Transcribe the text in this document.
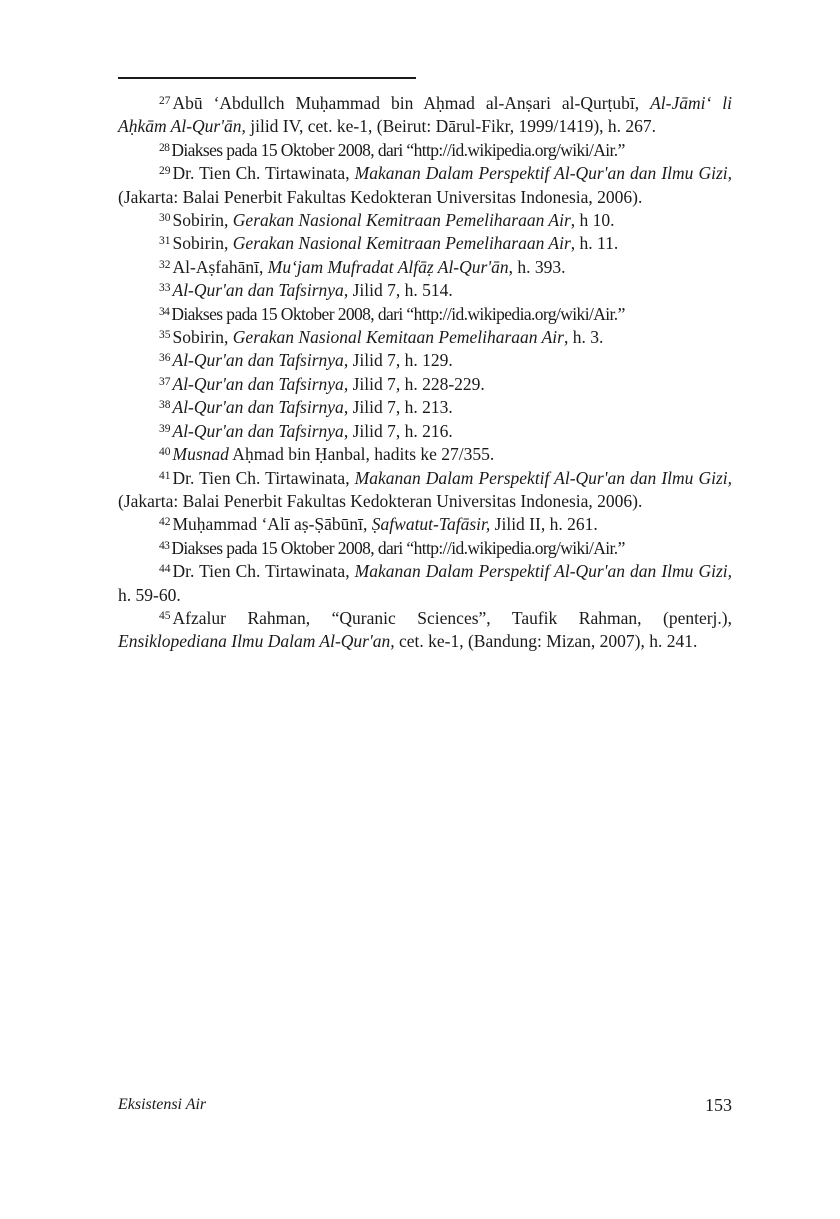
$^{27}$ Abū ‘Abdullch Muḥammad bin Aḥmad al-Anṣari al-Qurṭubī, Al-Jāmi‘ li Aḥkām Al-Qur'ān, jilid IV, cet. ke-1, (Beirut: Dārul-Fikr, 1999/1419), h. 267.

$^{28}$ Diakses pada 15 Oktober 2008, dari “http://id.wikipedia.org/wiki/Air.”

$^{29}$ Dr. Tien Ch. Tirtawinata, Makanan Dalam Perspektif Al-Qur'an dan Ilmu Gizi, (Jakarta: Balai Penerbit Fakultas Kedokteran Universitas Indonesia, 2006).

$^{30}$ Sobirin, Gerakan Nasional Kemitraan Pemeliharaan Air, h 10.

$^{31}$ Sobirin, Gerakan Nasional Kemitraan Pemeliharaan Air, h. 11.

$^{32}$ Al-Aṣfahānī, Mu‘jam Mufradat Alfāẓ Al-Qur'ān, h. 393.

$^{33}$ Al-Qur'an dan Tafsirnya, Jilid 7, h. 514.

$^{34}$ Diakses pada 15 Oktober 2008, dari “http://id.wikipedia.org/wiki/Air.”

$^{35}$ Sobirin, Gerakan Nasional Kemitaan Pemeliharaan Air, h. 3.

$^{36}$ Al-Qur'an dan Tafsirnya, Jilid 7, h. 129.

$^{37}$ Al-Qur'an dan Tafsirnya, Jilid 7, h. 228-229.

$^{38}$ Al-Qur'an dan Tafsirnya, Jilid 7, h. 213.

$^{39}$ Al-Qur'an dan Tafsirnya, Jilid 7, h. 216.

$^{40}$ Musnad Aḥmad bin Ḥanbal, hadits ke 27/355.

$^{41}$ Dr. Tien Ch. Tirtawinata, Makanan Dalam Perspektif Al-Qur'an dan Ilmu Gizi, (Jakarta: Balai Penerbit Fakultas Kedokteran Universitas Indonesia, 2006).

$^{42}$ Muḥammad ‘Alī aṣ-Ṣābūnī, Ṣafwatut-Tafāsir, Jilid II, h. 261.

$^{43}$ Diakses pada 15 Oktober 2008, dari “http://id.wikipedia.org/wiki/Air.”

$^{44}$ Dr. Tien Ch. Tirtawinata, Makanan Dalam Perspektif Al-Qur'an dan Ilmu Gizi, h. 59-60.

$^{45}$ Afzalur Rahman, “Quranic Sciences”, Taufik Rahman, (penterj.), Ensiklopediana Ilmu Dalam Al-Qur'an, cet. ke-1, (Bandung: Mizan, 2007), h. 241.

Eksistensi Air	153
